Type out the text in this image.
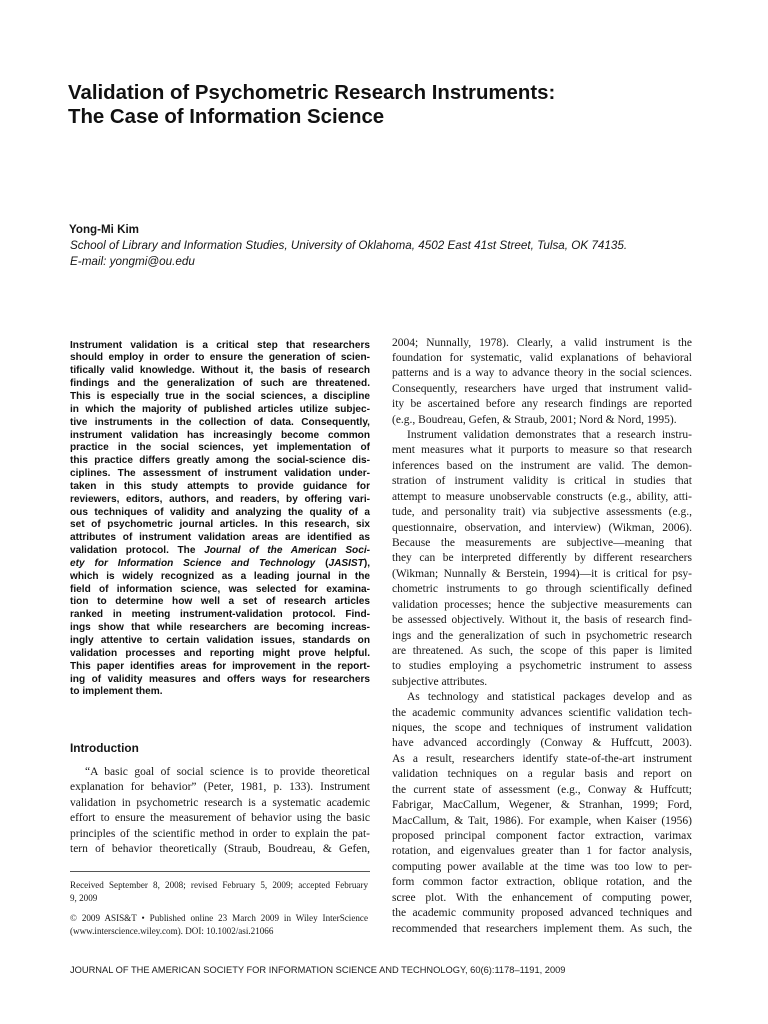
Validation of Psychometric Research Instruments:
The Case of Information Science
Yong-Mi Kim
School of Library and Information Studies, University of Oklahoma, 4502 East 41st Street, Tulsa, OK 74135.
E-mail: yongmi@ou.edu
Instrument validation is a critical step that researchers
should employ in order to ensure the generation of scien-
tifically valid knowledge. Without it, the basis of research
findings and the generalization of such are threatened.
This is especially true in the social sciences, a discipline
in which the majority of published articles utilize subjec-
tive instruments in the collection of data. Consequently,
instrument validation has increasingly become common
practice in the social sciences, yet implementation of
this practice differs greatly among the social-science dis-
ciplines. The assessment of instrument validation under-
taken in this study attempts to provide guidance for
reviewers, editors, authors, and readers, by offering vari-
ous techniques of validity and analyzing the quality of a
set of psychometric journal articles. In this research, six
attributes of instrument validation areas are identified as
validation protocol. The Journal of the American Soci-
ety for Information Science and Technology (JASIST),
which is widely recognized as a leading journal in the
field of information science, was selected for examina-
tion to determine how well a set of research articles
ranked in meeting instrument-validation protocol. Find-
ings show that while researchers are becoming increas-
ingly attentive to certain validation issues, standards on
validation processes and reporting might prove helpful.
This paper identifies areas for improvement in the report-
ing of validity measures and offers ways for researchers
to implement them.
Introduction
“A basic goal of social science is to provide theoretical
explanation for behavior” (Peter, 1981, p. 133). Instrument
validation in psychometric research is a systematic academic
effort to ensure the measurement of behavior using the basic
principles of the scientific method in order to explain the pat-
tern of behavior theoretically (Straub, Boudreau, & Gefen,
Received September 8, 2008; revised February 5, 2009; accepted February
9, 2009
© 2009 ASIS&T • Published online 23 March 2009 in Wiley InterScience
(www.interscience.wiley.com). DOI: 10.1002/asi.21066
2004; Nunnally, 1978). Clearly, a valid instrument is the
foundation for systematic, valid explanations of behavioral
patterns and is a way to advance theory in the social sciences.
Consequently, researchers have urged that instrument valid-
ity be ascertained before any research findings are reported
(e.g., Boudreau, Gefen, & Straub, 2001; Nord & Nord, 1995).
Instrument validation demonstrates that a research instru-
ment measures what it purports to measure so that research
inferences based on the instrument are valid. The demon-
stration of instrument validity is critical in studies that
attempt to measure unobservable constructs (e.g., ability, atti-
tude, and personality trait) via subjective assessments (e.g.,
questionnaire, observation, and interview) (Wikman, 2006).
Because the measurements are subjective—meaning that
they can be interpreted differently by different researchers
(Wikman; Nunnally & Berstein, 1994)—it is critical for psy-
chometric instruments to go through scientifically defined
validation processes; hence the subjective measurements can
be assessed objectively. Without it, the basis of research find-
ings and the generalization of such in psychometric research
are threatened. As such, the scope of this paper is limited
to studies employing a psychometric instrument to assess
subjective attributes.
As technology and statistical packages develop and as
the academic community advances scientific validation tech-
niques, the scope and techniques of instrument validation
have advanced accordingly (Conway & Huffcutt, 2003).
As a result, researchers identify state-of-the-art instrument
validation techniques on a regular basis and report on
the current state of assessment (e.g., Conway & Huffcutt;
Fabrigar, MacCallum, Wegener, & Stranhan, 1999; Ford,
MacCallum, & Tait, 1986). For example, when Kaiser (1956)
proposed principal component factor extraction, varimax
rotation, and eigenvalues greater than 1 for factor analysis,
computing power available at the time was too low to per-
form common factor extraction, oblique rotation, and the
scree plot. With the enhancement of computing power,
the academic community proposed advanced techniques and
recommended that researchers implement them. As such, the
JOURNAL OF THE AMERICAN SOCIETY FOR INFORMATION SCIENCE AND TECHNOLOGY, 60(6):1178–1191, 2009
